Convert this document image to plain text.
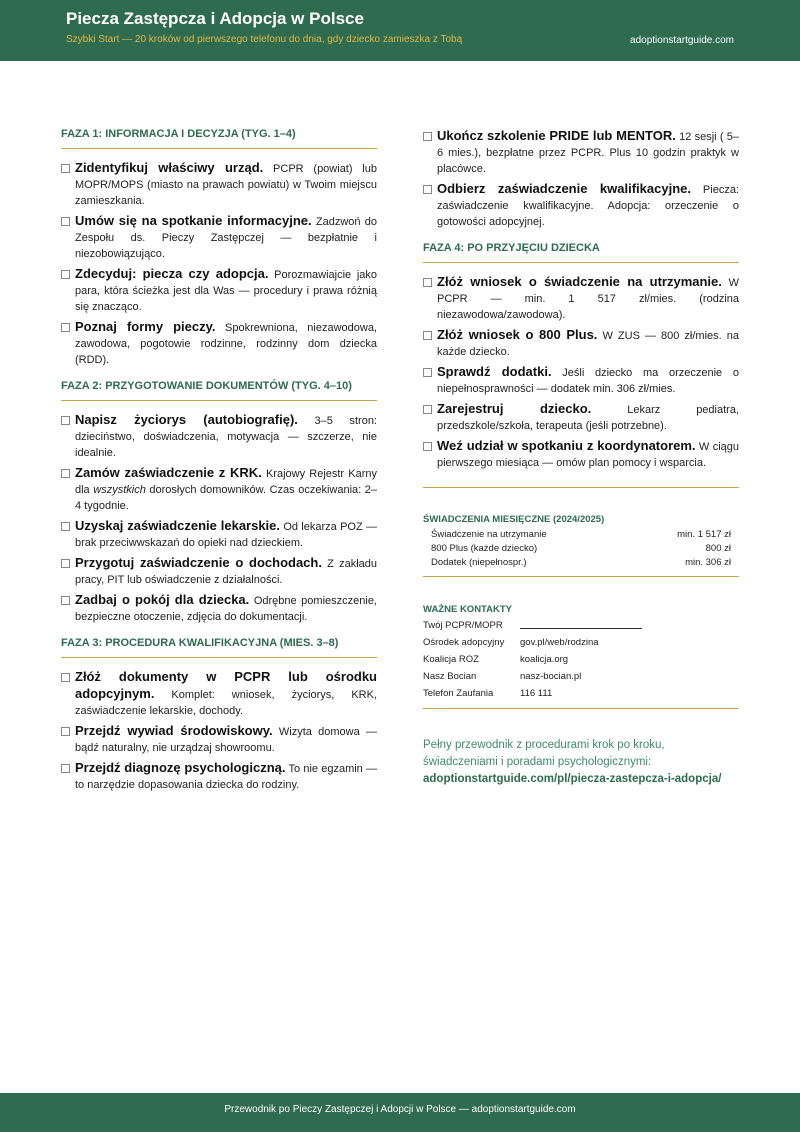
Piecza Zastępcza i Adopcja w Polsce
Szybki Start — 20 kroków od pierwszego telefonu do dnia, gdy dziecko zamieszka z Tobą	adoptionstartguide.com
FAZA 1: INFORMACJA I DECYZJA (TYG. 1–4)
Zidentyfikuj właściwy urząd. PCPR (powiat) lub MOPR/MOPS (miasto na prawach powiatu) w Twoim miejscu zamieszkania.
Umów się na spotkanie informacyjne. Zadzwoń do Zespołu ds. Pieczy Zastępczej — bezpłatnie i niezobowiązująco.
Zdecyduj: piecza czy adopcja. Porozmawiajcie jako para, która ścieżka jest dla Was — procedury i prawa różnią się znacząco.
Poznaj formy pieczy. Spokrewniona, niezawodowa, zawodowa, pogotowie rodzinne, rodzinny dom dziecka (RDD).
FAZA 2: PRZYGOTOWANIE DOKUMENTÓW (TYG. 4–10)
Napisz życiorys (autobiografię). 3–5 stron: dzieciństwo, doświadczenia, motywacja — szczerze, nie idealnie.
Zamów zaświadczenie z KRK. Krajowy Rejestr Karny dla wszystkich dorosłych domowników. Czas oczekiwania: 2–4 tygodnie.
Uzyskaj zaświadczenie lekarskie. Od lekarza POZ — brak przeciwwskazań do opieki nad dzieckiem.
Przygotuj zaświadczenie o dochodach. Z zakładu pracy, PIT lub oświadczenie z działalności.
Zadbaj o pokój dla dziecka. Odrębne pomieszczenie, bezpieczne otoczenie, zdjęcia do dokumentacji.
FAZA 3: PROCEDURA KWALIFIKACYJNA (MIES. 3–8)
Złóż dokumenty w PCPR lub ośrodku adopcyjnym. Komplet: wniosek, życiorys, KRK, zaświadczenie lekarskie, dochody.
Przejdź wywiad środowiskowy. Wizyta domowa — bądź naturalny, nie urządzaj showroomu.
Przejdź diagnozę psychologiczną. To nie egzamin — to narzędzie dopasowania dziecka do rodziny.
Ukończ szkolenie PRIDE lub MENTOR. 12 sesji ( 5–6 mies.), bezpłatne przez PCPR. Plus 10 godzin praktyk w placówce.
Odbierz zaświadczenie kwalifikacyjne. Piecza: zaświadczenie kwalifikacyjne. Adopcja: orzeczenie o gotowości adopcyjnej.
FAZA 4: PO PRZYJĘCIU DZIECKA
Złóż wniosek o świadczenie na utrzymanie. W PCPR — min. 1 517 zł/mies. (rodzina niezawodowa/zawodowa).
Złóż wniosek o 800 Plus. W ZUS — 800 zł/mies. na każde dziecko.
Sprawdź dodatki. Jeśli dziecko ma orzeczenie o niepełnosprawności — dodatek min. 306 zł/mies.
Zarejestruj dziecko. Lekarz pediatra, przedszkole/szkoła, terapeuta (jeśli potrzebne).
Weź udział w spotkaniu z koordynatorem. W ciągu pierwszego miesiąca — omów plan pomocy i wsparcia.
ŚWIADCZENIA MIESIĘCZNE (2024/2025)
Świadczenie na utrzymanie	min. 1 517 zł
800 Plus (każde dziecko)	800 zł
Dodatek (niepełnospr.)	min. 306 zł
WAŻNE KONTAKTY
Twój PCPR/MOPR
Ośrodek adopcyjny	gov.pl/web/rodzina
Koalicja ROZ	koalicja.org
Nasz Bocian	nasz-bocian.pl
Telefon Zaufania	116 111
Pełny przewodnik z procedurami krok po kroku, świadczeniami i poradami psychologicznymi:
adoptionstartguide.com/pl/piecza-zastepcza-i-adopcja/
Przewodnik po Pieczy Zastępczej i Adopcji w Polsce — adoptionstartguide.com
